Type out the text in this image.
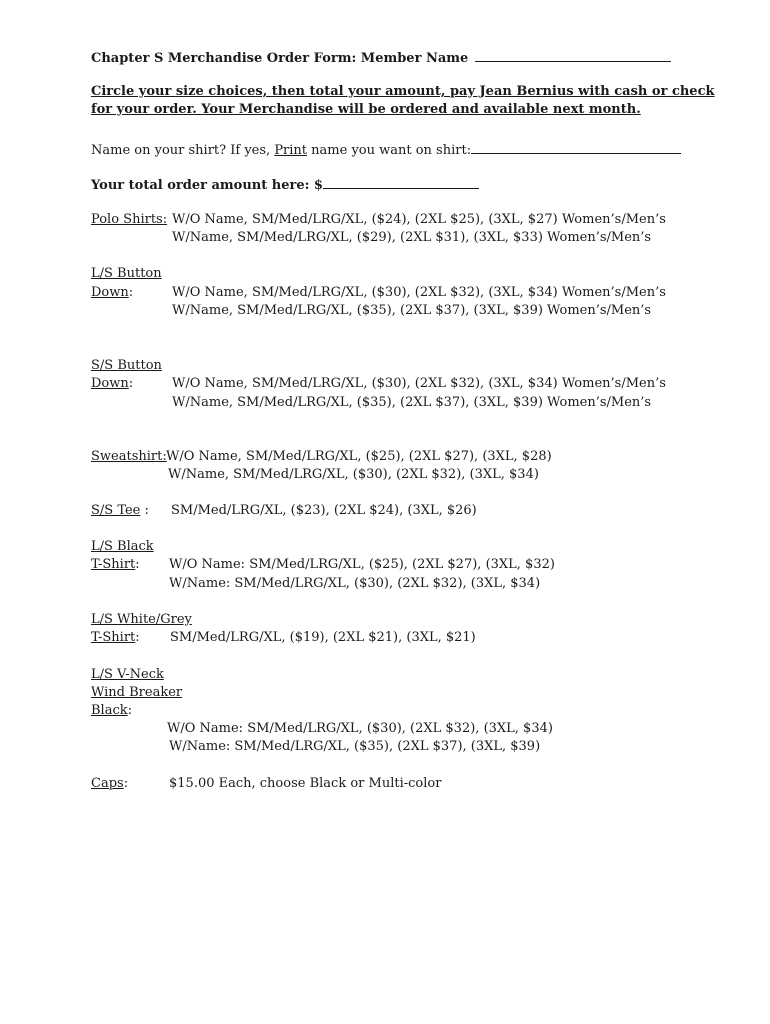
Chapter S Merchandise Order Form: Member Name
Circle your size choices, then total your amount, pay Jean Bernius with cash or check
for your order. Your Merchandise will be ordered and available next month.
Name on your shirt? If yes, Print name you want on shirt:
Your total order amount here: $
Polo Shirts: W/O Name, SM/Med/LRG/XL, ($24), (2XL $25), (3XL, $27) Women’s/Men’s
W/Name, SM/Med/LRG/XL, ($29), (2XL $31), (3XL, $33) Women’s/Men’s
L/S Button
Down:	W/O Name, SM/Med/LRG/XL, ($30), (2XL $32), (3XL, $34) Women’s/Men’s
W/Name, SM/Med/LRG/XL, ($35), (2XL $37), (3XL, $39) Women’s/Men’s
S/S Button
Down:	W/O Name, SM/Med/LRG/XL, ($30), (2XL $32), (3XL, $34) Women’s/Men’s
W/Name, SM/Med/LRG/XL, ($35), (2XL $37), (3XL, $39) Women’s/Men’s
Sweatshirt: W/O Name, SM/Med/LRG/XL, ($25), (2XL $27), (3XL, $28)
W/Name, SM/Med/LRG/XL, ($30), (2XL $32), (3XL, $34)
S/S Tee : SM/Med/LRG/XL, ($23), (2XL $24), (3XL, $26)
L/S Black
T-Shirt: W/O Name: SM/Med/LRG/XL, ($25), (2XL $27), (3XL, $32)
W/Name: SM/Med/LRG/XL, ($30), (2XL $32), (3XL, $34)
L/S White/Grey
T-Shirt: SM/Med/LRG/XL, ($19), (2XL $21), (3XL, $21)
L/S V-Neck
Wind Breaker
Black:
W/O Name: SM/Med/LRG/XL, ($30), (2XL $32), (3XL, $34)
W/Name: SM/Med/LRG/XL, ($35), (2XL $37), (3XL, $39)
Caps:	$15.00 Each, choose Black or Multi-color
